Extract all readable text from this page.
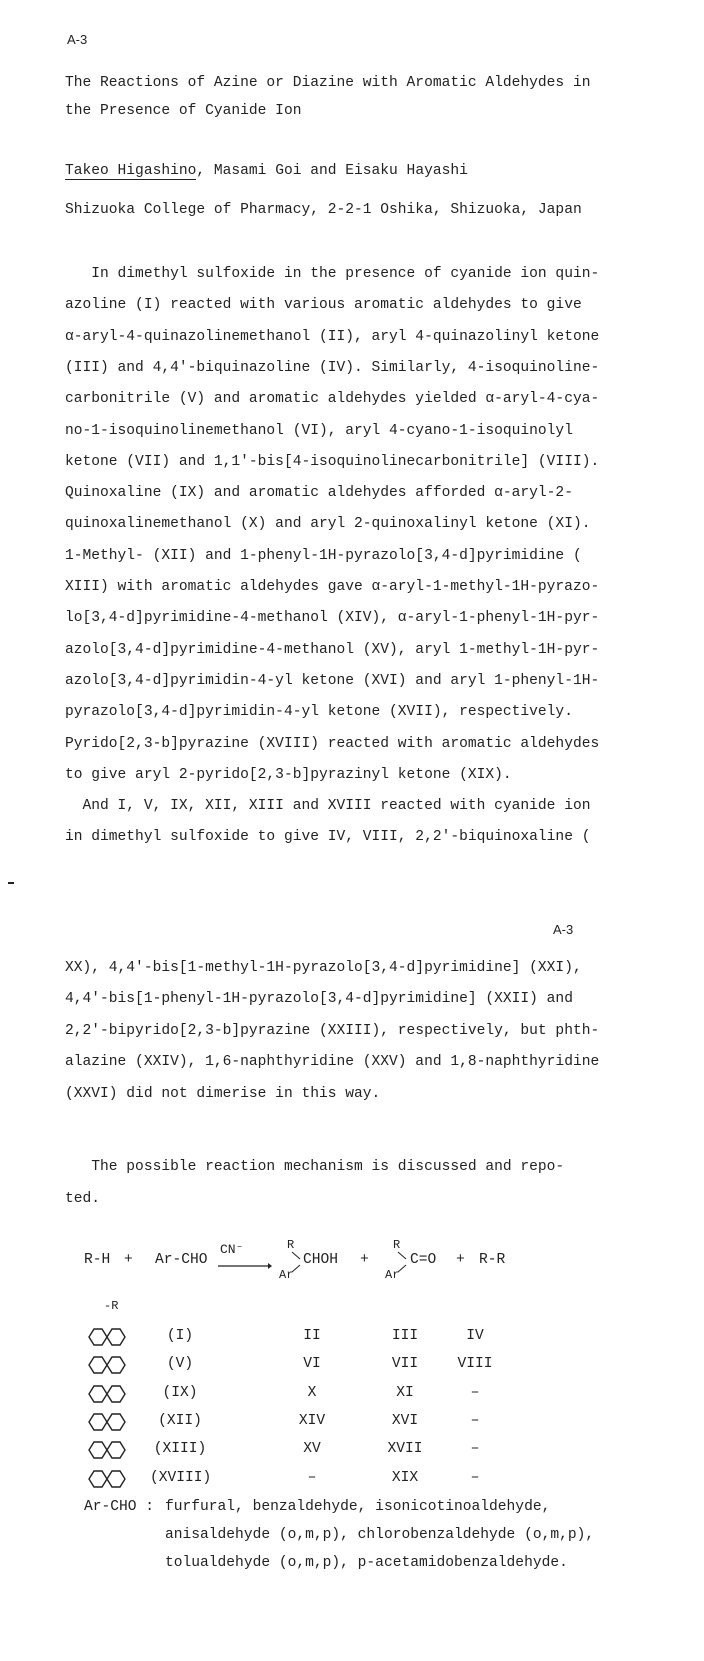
A-3
The Reactions of Azine or Diazine with Aromatic Aldehydes in
the Presence of Cyanide Ion
Takeo Higashino, Masami Goi and Eisaku Hayashi
Shizuoka College of Pharmacy, 2-2-1 Oshika, Shizuoka, Japan
In dimethyl sulfoxide in the presence of cyanide ion quin-
azoline (I) reacted with various aromatic aldehydes to give
α-aryl-4-quinazolinemethanol (II), aryl 4-quinazolinyl ketone
(III) and 4,4'-biquinazoline (IV). Similarly, 4-isoquinoline-
carbonitrile (V) and aromatic aldehydes yielded α-aryl-4-cya-
no-1-isoquinolinemethanol (VI), aryl 4-cyano-1-isoquinolyl
ketone (VII) and 1,1'-bis[4-isoquinolinecarbonitrile] (VIII).
Quinoxaline (IX) and aromatic aldehydes afforded α-aryl-2-
quinoxalinemethanol (X) and aryl 2-quinoxalinyl ketone (XI).
1-Methyl- (XII) and 1-phenyl-1H-pyrazolo[3,4-d]pyrimidine (
XIII) with aromatic aldehydes gave α-aryl-1-methyl-1H-pyrazo-
lo[3,4-d]pyrimidine-4-methanol (XIV), α-aryl-1-phenyl-1H-pyr-
azolo[3,4-d]pyrimidine-4-methanol (XV), aryl 1-methyl-1H-pyr-
azolo[3,4-d]pyrimidin-4-yl ketone (XVI) and aryl 1-phenyl-1H-
pyrazolo[3,4-d]pyrimidin-4-yl ketone (XVII), respectively.
Pyrido[2,3-b]pyrazine (XVIII) reacted with aromatic aldehydes
to give aryl 2-pyrido[2,3-b]pyrazinyl ketone (XIX).
And I, V, IX, XII, XIII and XVIII reacted with cyanide ion
in dimethyl sulfoxide to give IV, VIII, 2,2'-biquinoxaline (
A-3
XX), 4,4'-bis[1-methyl-1H-pyrazolo[3,4-d]pyrimidine] (XXI),
4,4'-bis[1-phenyl-1H-pyrazolo[3,4-d]pyrimidine] (XXII) and
2,2'-bipyrido[2,3-b]pyrazine (XXIII), respectively, but phth-
alazine (XXIV), 1,6-naphthyridine (XXV) and 1,8-naphthyridine
(XXVI) did not dimerise in this way.
The possible reaction mechanism is discussed and repo-
ted.
R-H + Ar-CHO
CN⁻	R
Ar
CHOH +
R
Ar
C=O + R-R
-R
(I)	II	III	IV
(V)	VI	VII	VIII
(IX)	X	XI	–
(XII)	XIV	XVI	–
(XIII)	XV	XVII	–
(XVIII)	–	XIX	–
Ar-CHO : furfural, benzaldehyde, isonicotinoaldehyde,
anisaldehyde (o,m,p), chlorobenzaldehyde (o,m,p),
tolualdehyde (o,m,p), p-acetamidobenzaldehyde.
